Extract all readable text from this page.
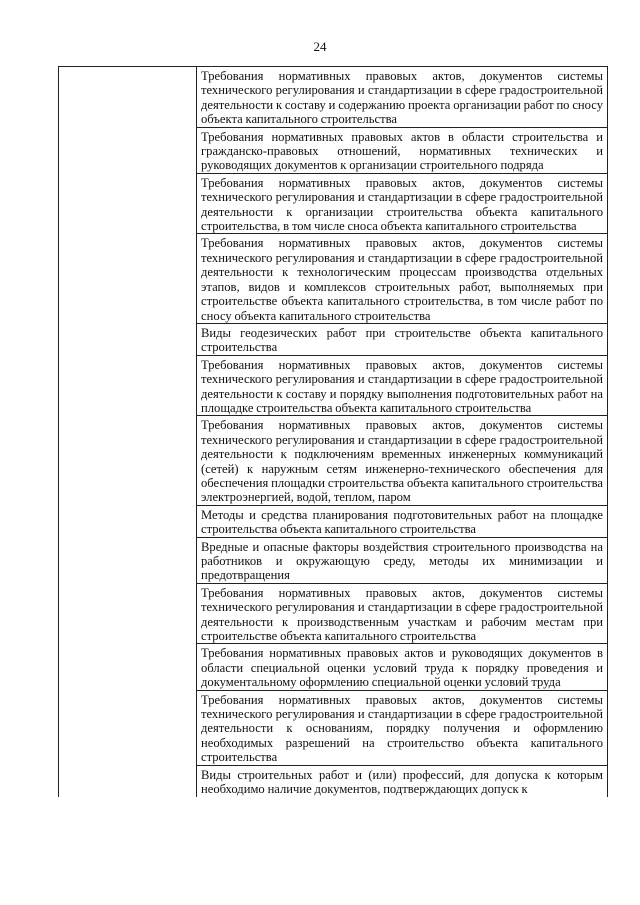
24

Требования нормативных правовых актов, документов системы технического регулирования и стандартизации в сфере градостроительной деятельности к составу и содержанию проекта организации работ по сносу объекта капитального строительства

Требования нормативных правовых актов в области строительства и гражданско-правовых отношений, нормативных технических и руководящих документов к организации строительного подряда

Требования нормативных правовых актов, документов системы технического регулирования и стандартизации в сфере градостроительной деятельности к организации строительства объекта капитального строительства, в том числе сноса объекта капитального строительства

Требования нормативных правовых актов, документов системы технического регулирования и стандартизации в сфере градостроительной деятельности к технологическим процессам производства отдельных этапов, видов и комплексов строительных работ, выполняемых при строительстве объекта капитального строительства, в том числе работ по сносу объекта капитального строительства

Виды геодезических работ при строительстве объекта капитального строительства

Требования нормативных правовых актов, документов системы технического регулирования и стандартизации в сфере градостроительной деятельности к составу и порядку выполнения подготовительных работ на площадке строительства объекта капитального строительства

Требования нормативных правовых актов, документов системы технического регулирования и стандартизации в сфере градостроительной деятельности к подключениям временных инженерных коммуникаций (сетей) к наружным сетям инженерно-технического обеспечения для обеспечения площадки строительства объекта капитального строительства электроэнергией, водой, теплом, паром

Методы и средства планирования подготовительных работ на площадке строительства объекта капитального строительства

Вредные и опасные факторы воздействия строительного производства на работников и окружающую среду, методы их минимизации и предотвращения

Требования нормативных правовых актов, документов системы технического регулирования и стандартизации в сфере градостроительной деятельности к производственным участкам и рабочим местам при строительстве объекта капитального строительства

Требования нормативных правовых актов и руководящих документов в области специальной оценки условий труда к порядку проведения и документальному оформлению специальной оценки условий труда

Требования нормативных правовых актов, документов системы технического регулирования и стандартизации в сфере градостроительной деятельности к основаниям, порядку получения и оформлению необходимых разрешений на строительство объекта капитального строительства

Виды строительных работ и (или) профессий, для допуска к которым необходимо наличие документов, подтверждающих допуск к
